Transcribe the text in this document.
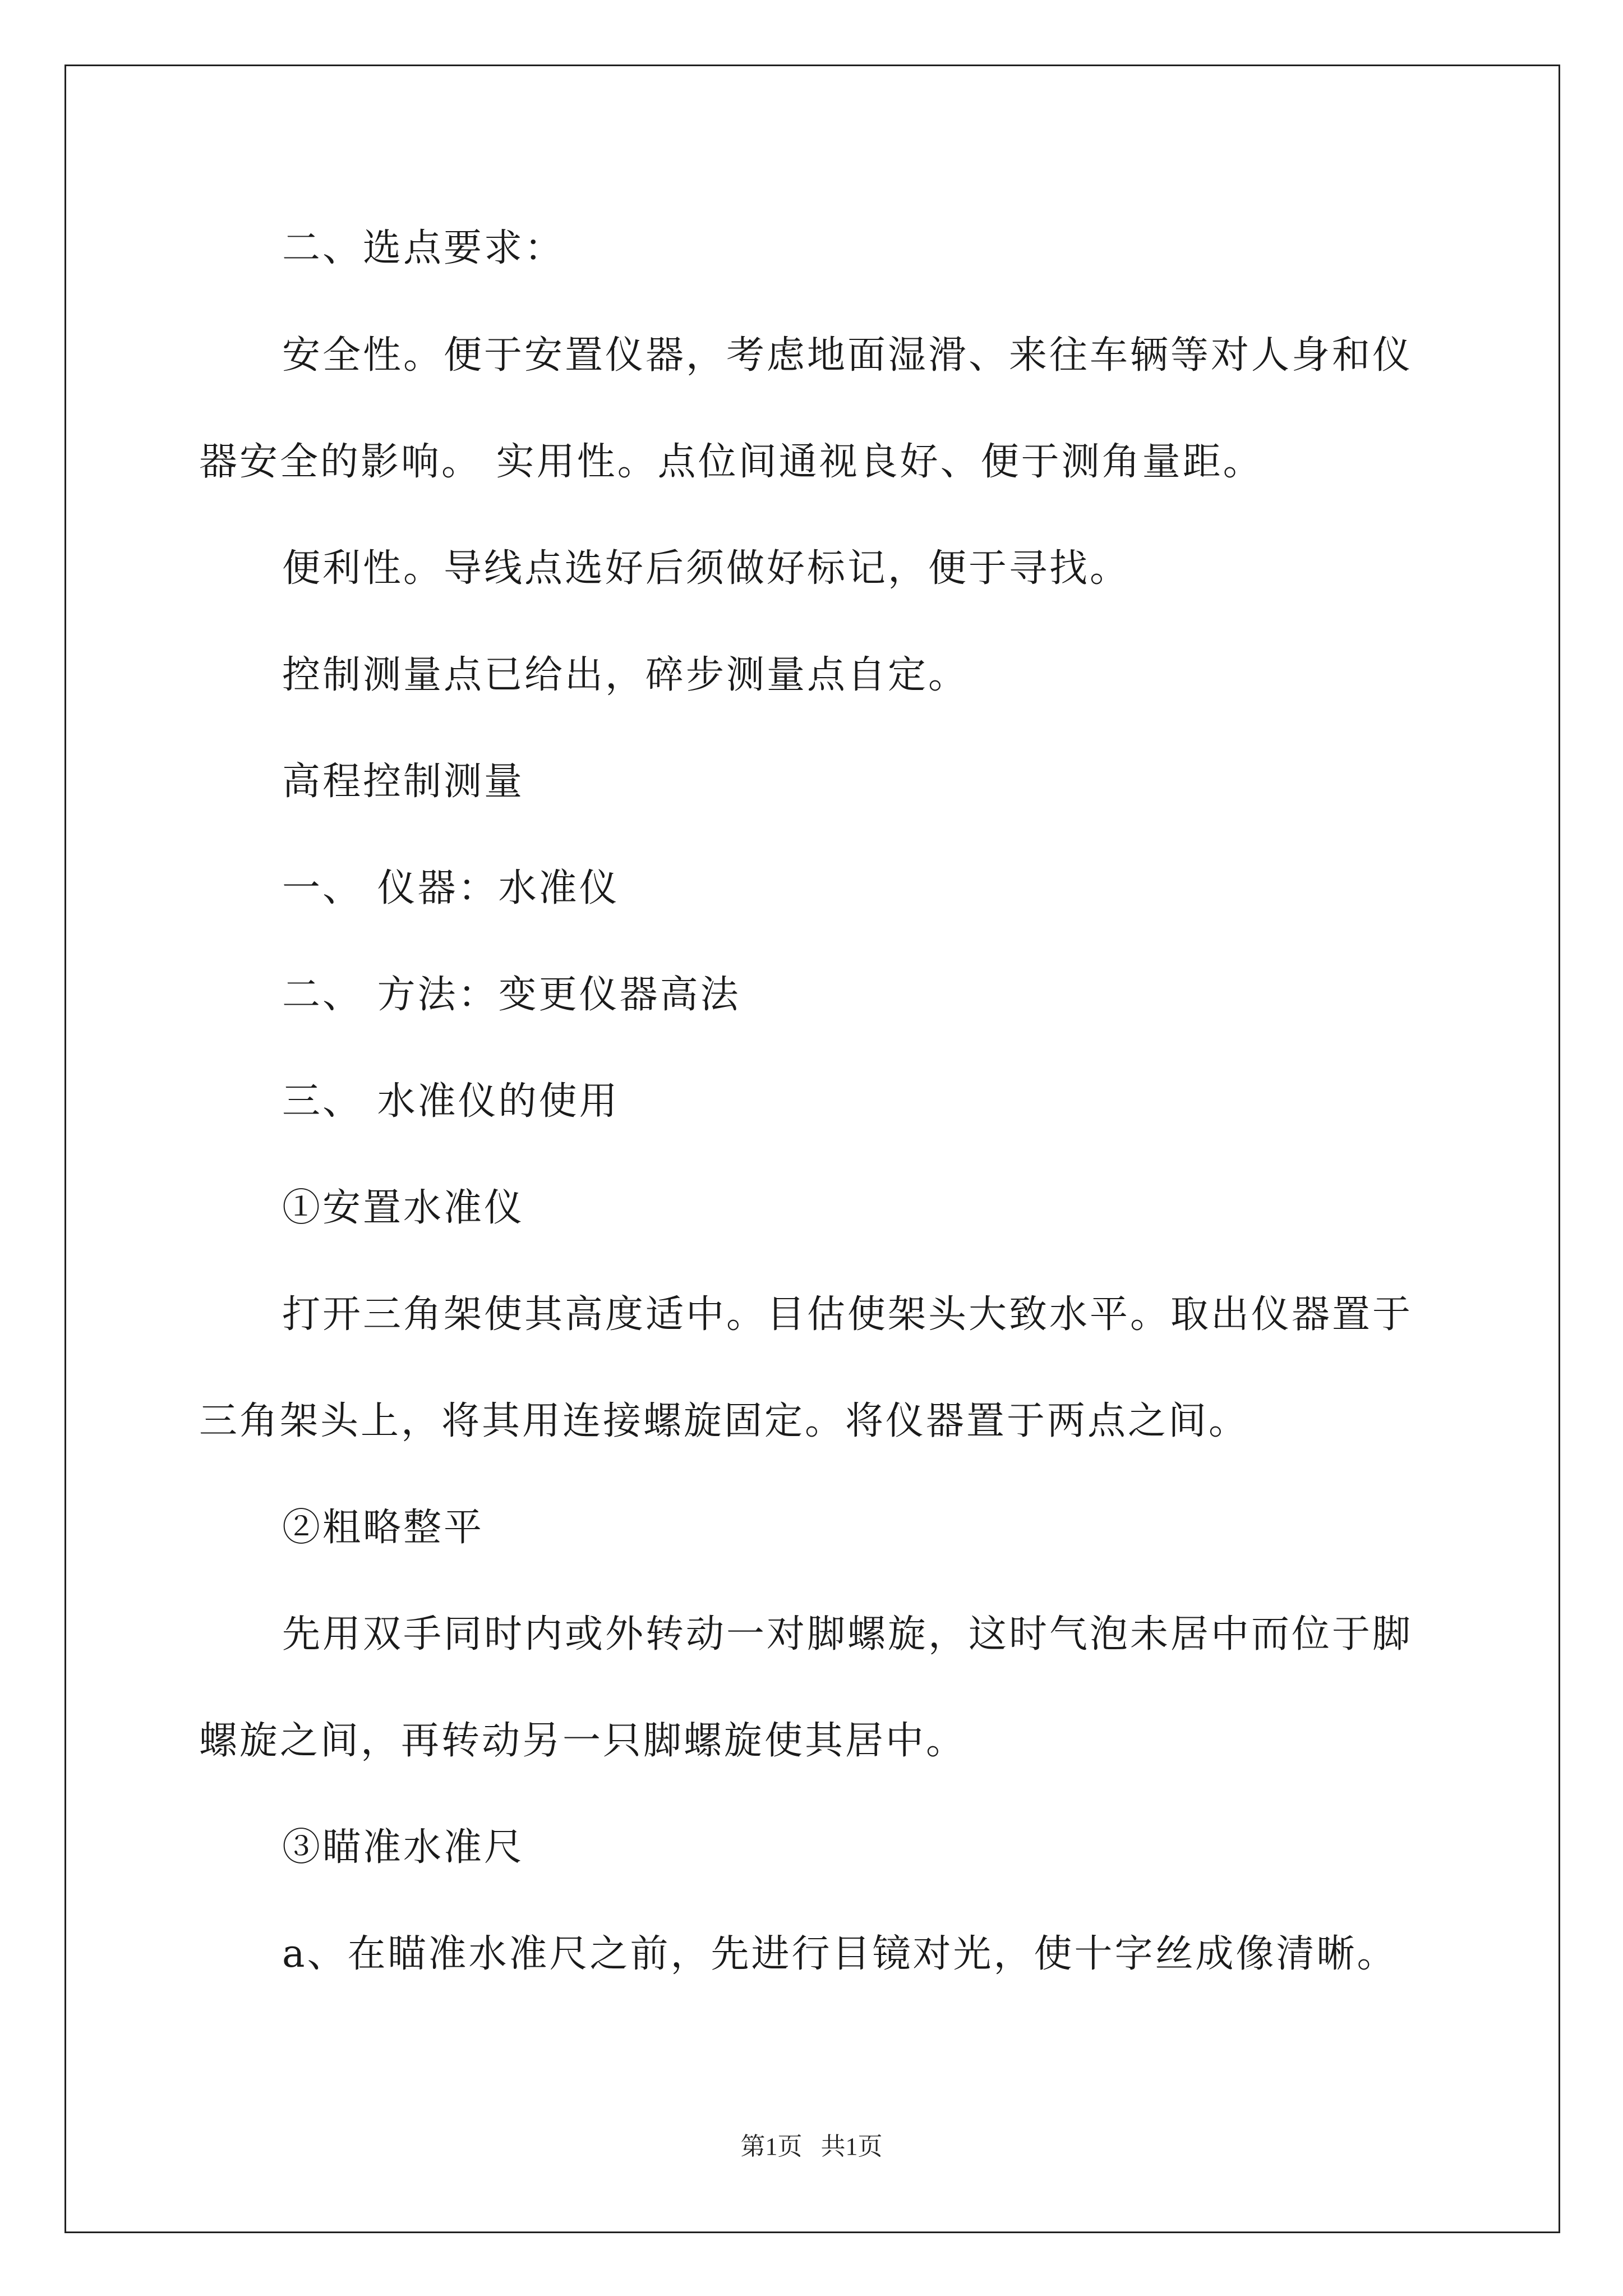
二、选点要求：
安全性。便于安置仪器，考虑地面湿滑、来往车辆等对人身和仪
器安全的影响。 实用性。点位间通视良好、便于测角量距。
便利性。导线点选好后须做好标记，便于寻找。
控制测量点已给出，碎步测量点自定。
高程控制测量
一、 仪器：水准仪
二、 方法：变更仪器高法
三、 水准仪的使用
①安置水准仪
打开三角架使其高度适中。目估使架头大致水平。取出仪器置于
三角架头上，将其用连接螺旋固定。将仪器置于两点之间。
②粗略整平
先用双手同时内或外转动一对脚螺旋，这时气泡未居中而位于脚
螺旋之间，再转动另一只脚螺旋使其居中。
③瞄准水准尺
a、在瞄准水准尺之前，先进行目镜对光，使十字丝成像清晰。
第1页   共1页
